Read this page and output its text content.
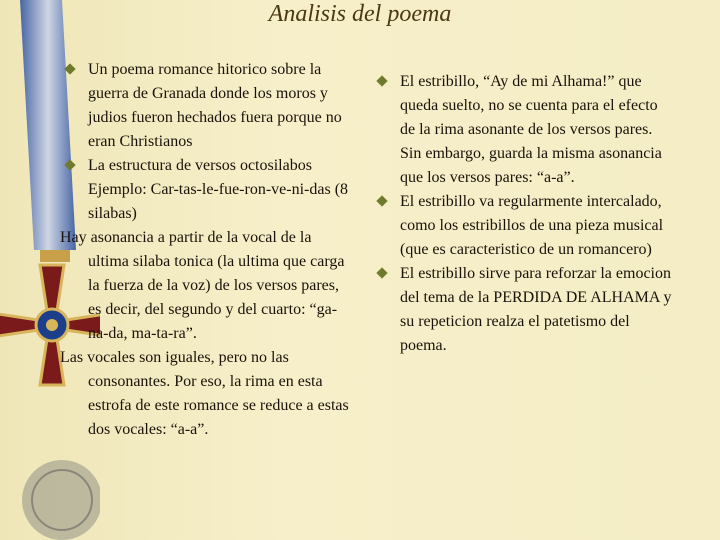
Analisis del poema

Un poema romance hitorico sobre la guerra de Granada donde los moros y judios fueron hechados fuera porque no eran Christianos

La estructura de versos octosilabos

Ejemplo: Car-tas-le-fue-ron-ve-ni-das (8 silabas)

Hay asonancia a partir de la vocal de la ultima silaba tonica (la ultima que carga la fuerza de la voz) de los versos pares, es decir, del segundo y del cuarto: “ga-na-da, ma-ta-ra”.

Las vocales son iguales, pero no las consonantes. Por eso, la rima en esta estrofa de este romance se reduce a estas dos vocales: “a-a”.

El estribillo, “Ay de mi Alhama!” que queda suelto, no se cuenta para el efecto de la rima asonante de los versos pares. Sin embargo, guarda la misma asonancia que los versos pares: “a-a”.

El estribillo va regularmente intercalado, como los estribillos de una pieza musical (que es caracteristico de un romancero)

El estribillo sirve para reforzar la emocion del tema de la PERDIDA DE ALHAMA y su repeticion realza el patetismo del poema.
